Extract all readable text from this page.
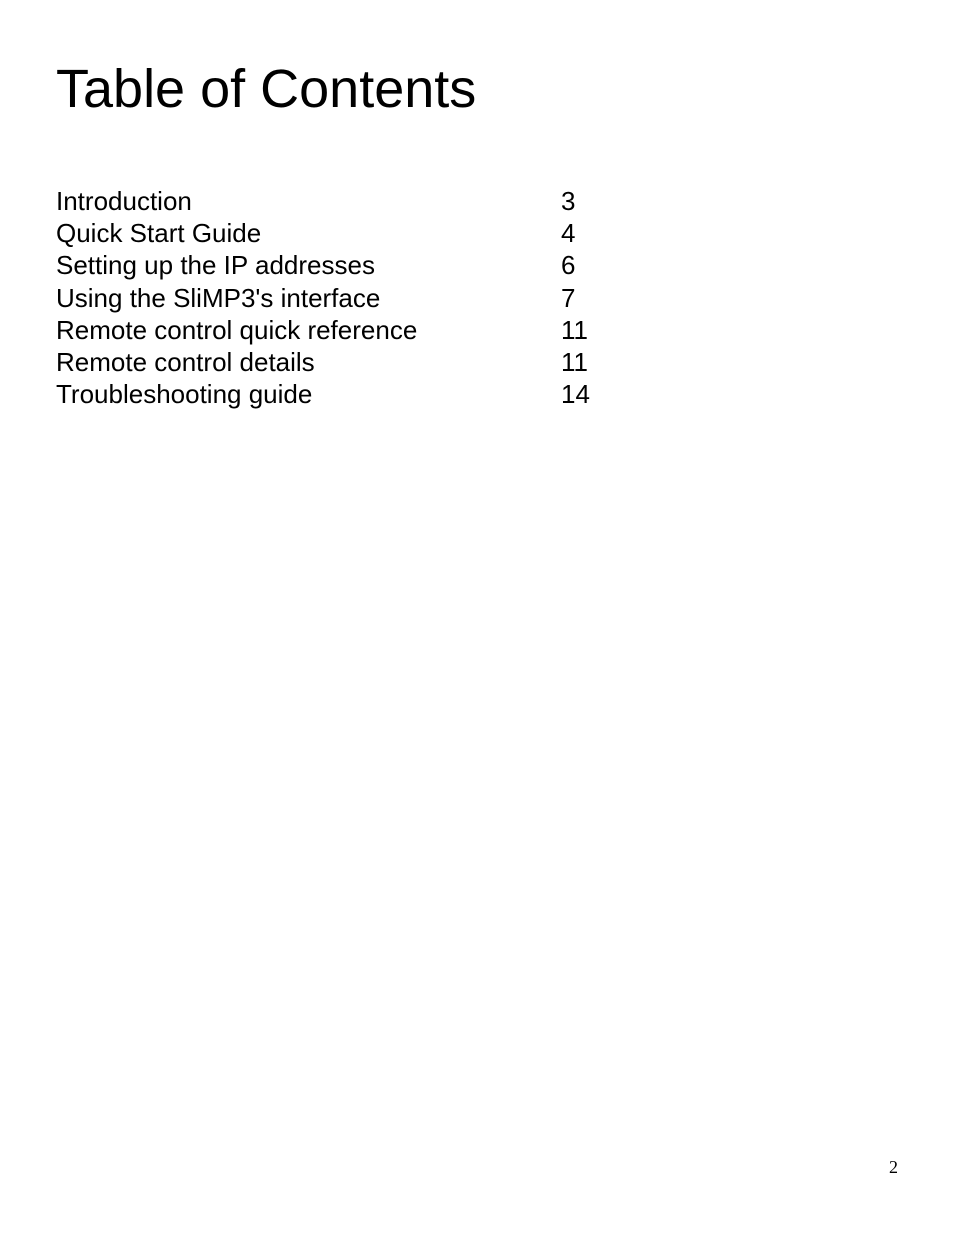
Table of Contents
Introduction	3
Quick Start Guide	4
Setting up the IP addresses	6
Using the SliMP3's interface	7
Remote control quick reference	11
Remote control details	11
Troubleshooting guide	14
2
